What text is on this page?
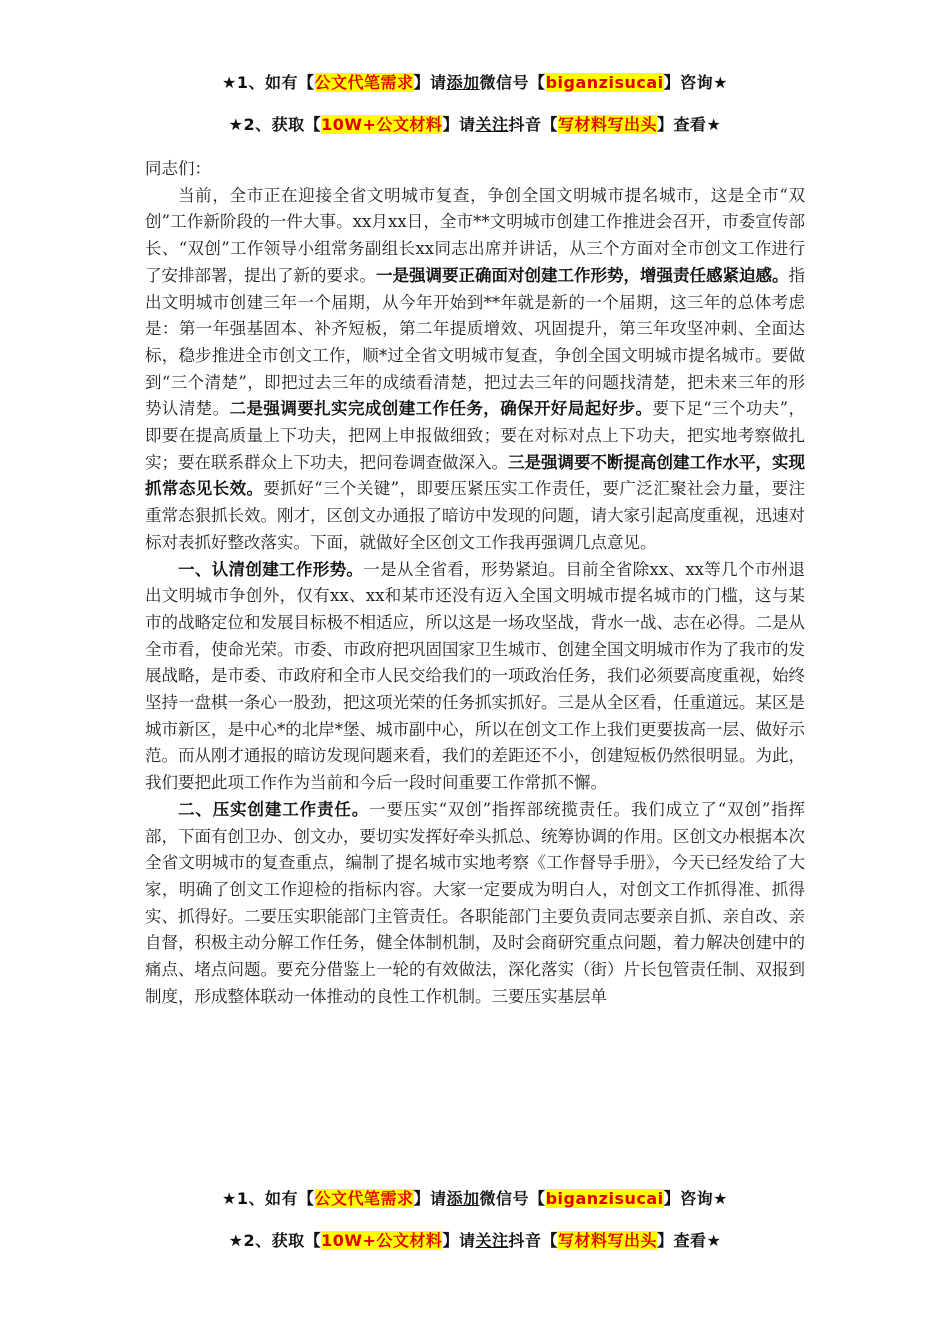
★1、如有【公文代笔需求】请添加微信号【biganzisucai】咨询★
★2、获取【10W+公文材料】请关注抖音【写材料写出头】查看★

同志们：

当前，全市正在迎接全省文明城市复查，争创全国文明城市提名城市，这是全市“双创”工作新阶段的一件大事。xx月xx日，全市**文明城市创建工作推进会召开，市委宣传部长、“双创”工作领导小组常务副组长xx同志出席并讲话，从三个方面对全市创文工作进行了安排部署，提出了新的要求。一是强调要正确面对创建工作形势，增强责任感紧迫感。指出文明城市创建三年一个届期，从今年开始到**年就是新的一个届期，这三年的总体考虑是：第一年强基固本、补齐短板，第二年提质增效、巩固提升，第三年攻坚冲刺、全面达标，稳步推进全市创文工作，顺*过全省文明城市复查，争创全国文明城市提名城市。要做到“三个清楚”，即把过去三年的成绩看清楚，把过去三年的问题找清楚，把未来三年的形势认清楚。二是强调要扎实完成创建工作任务，确保开好局起好步。要下足“三个功夫”，即要在提高质量上下功夫，把网上申报做细致；要在对标对点上下功夫，把实地考察做扎实；要在联系群众上下功夫，把问卷调查做深入。三是强调要不断提高创建工作水平，实现抓常态见长效。要抓好“三个关键”，即要压紧压实工作责任，要广泛汇聚社会力量，要注重常态狠抓长效。刚才，区创文办通报了暗访中发现的问题，请大家引起高度重视，迅速对标对表抓好整改落实。下面，就做好全区创文工作我再强调几点意见。

一、认清创建工作形势。一是从全省看，形势紧迫。目前全省除xx、xx等几个市州退出文明城市争创外，仅有xx、xx和某市还没有迈入全国文明城市提名城市的门槛，这与某市的战略定位和发展目标极不相适应，所以这是一场攻坚战，背水一战、志在必得。二是从全市看，使命光荣。市委、市政府把巩固国家卫生城市、创建全国文明城市作为了我市的发展战略，是市委、市政府和全市人民交给我们的一项政治任务，我们必须要高度重视，始终坚持一盘棋一条心一股劲，把这项光荣的任务抓实抓好。三是从全区看，任重道远。某区是城市新区，是中心*的北岸*堡、城市副中心，所以在创文工作上我们更要拔高一层、做好示范。而从刚才通报的暗访发现问题来看，我们的差距还不小，创建短板仍然很明显。为此，我们要把此项工作作为当前和今后一段时间重要工作常抓不懈。

二、压实创建工作责任。一要压实“双创”指挥部统揽责任。我们成立了“双创”指挥部，下面有创卫办、创文办，要切实发挥好牵头抓总、统筹协调的作用。区创文办根据本次全省文明城市的复查重点，编制了提名城市实地考察《工作督导手册》，今天已经发给了大家，明确了创文工作迎检的指标内容。大家一定要成为明白人，对创文工作抓得准、抓得实、抓得好。二要压实职能部门主管责任。各职能部门主要负责同志要亲自抓、亲自改、亲自督，积极主动分解工作任务，健全体制机制，及时会商研究重点问题，着力解决创建中的痛点、堵点问题。要充分借鉴上一轮的有效做法，深化落实（街）片长包管责任制、双报到制度，形成整体联动一体推动的良性工作机制。三要压实基层单

★1、如有【公文代笔需求】请添加微信号【biganzisucai】咨询★
★2、获取【10W+公文材料】请关注抖音【写材料写出头】查看★
